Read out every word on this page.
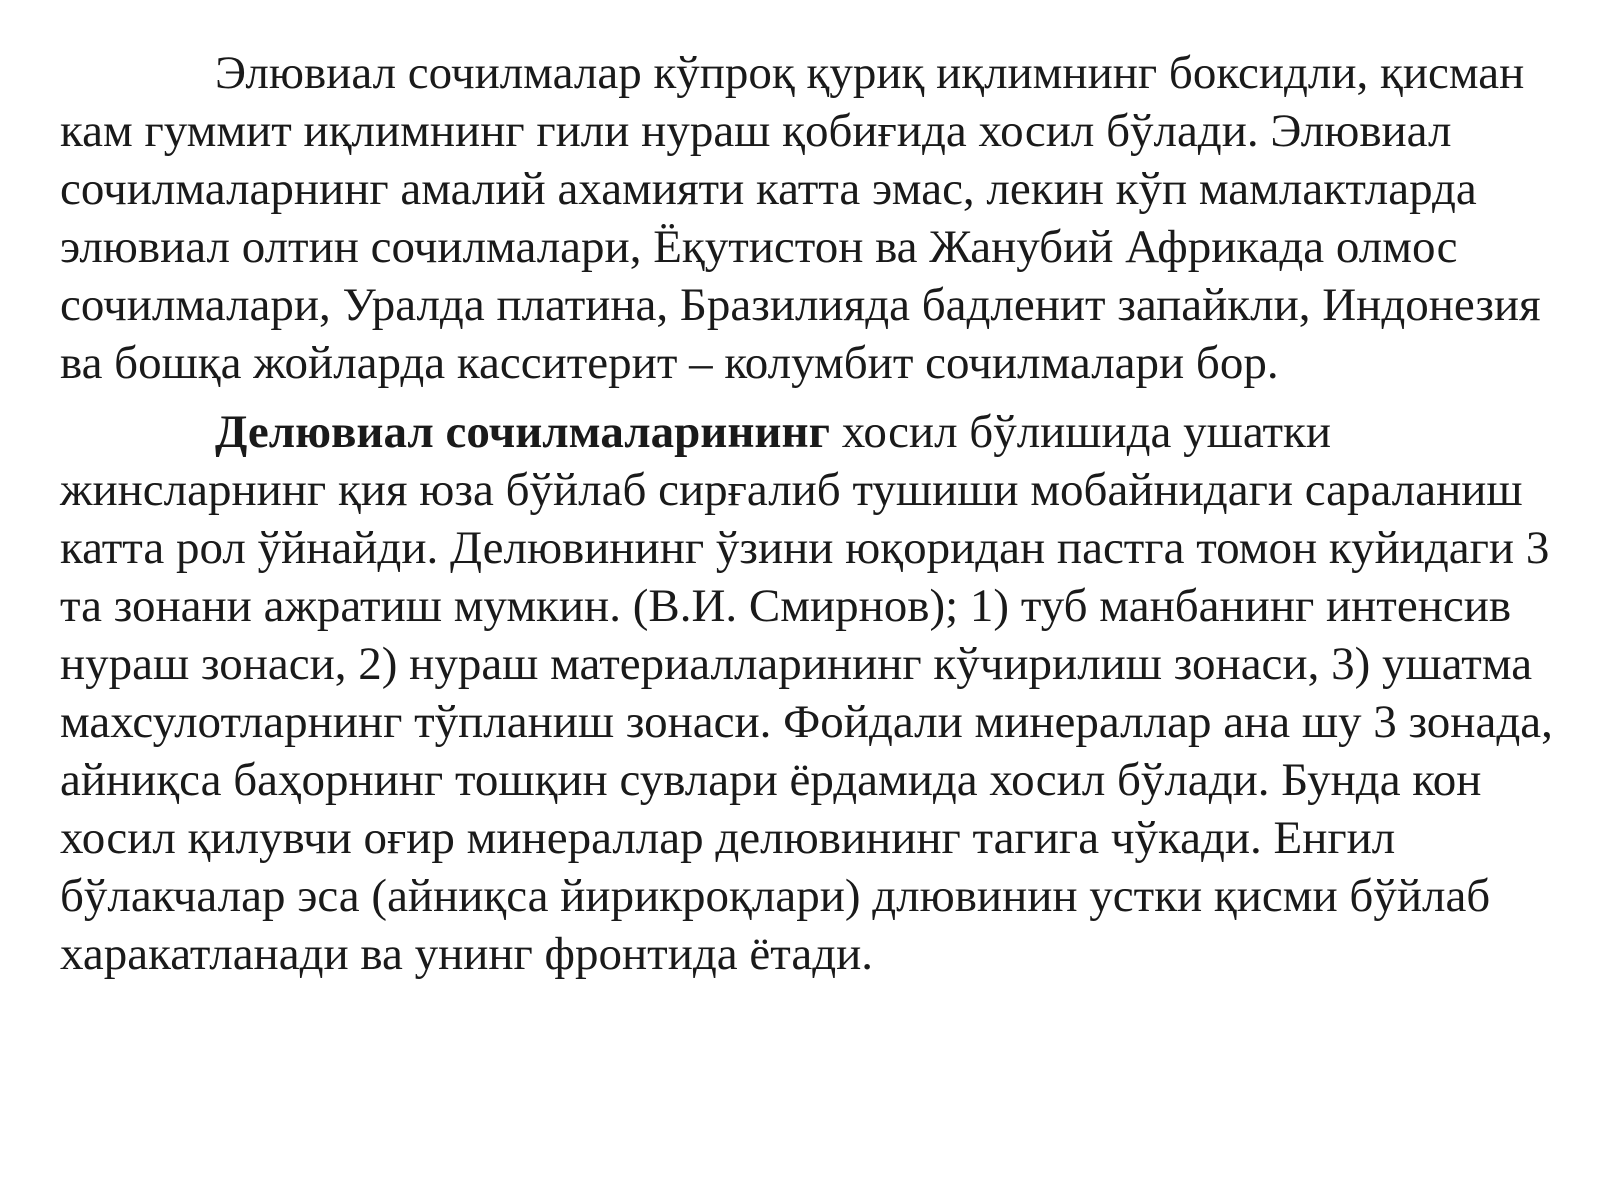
Элювиал сочилмалар кўпроқ қуриқ иқлимнинг боксидли, қисман кам гуммит иқлимнинг гили нураш қобиғида хосил бўлади. Элювиал сочилмаларнинг амалий ахамияти катта эмас, лекин кўп мамлактларда элювиал олтин сочилмалари, Ёқутистон ва Жанубий Африкада олмос сочилмалари, Уралда платина, Бразилияда бадленит запайкли, Индонезия ва бошқа жойларда касситерит – колумбит сочилмалари бор.

Делювиал сочилмаларининг хосил бўлишида ушатки жинсларнинг қия юза бўйлаб сирғалиб тушиши мобайнидаги сараланиш катта рол ўйнайди. Делювининг ўзини юқоридан пастга томон куйидаги 3 та зонани ажратиш мумкин. (В.И. Смирнов); 1) туб манбанинг интенсив нураш зонаси, 2) нураш материалларининг кўчирилиш зонаси, 3) ушатма махсулотларнинг тўпланиш зонаси. Фойдали минераллар ана шу 3 зонада, айниқса баҳорнинг тошқин сувлари ёрдамида хосил бўлади. Бунда кон хосил қилувчи оғир минераллар делювининг тагига чўкади. Енгил бўлакчалар эса (айниқса йирикроқлари) длювинин устки қисми бўйлаб харакатланади ва унинг фронтида ётади.
